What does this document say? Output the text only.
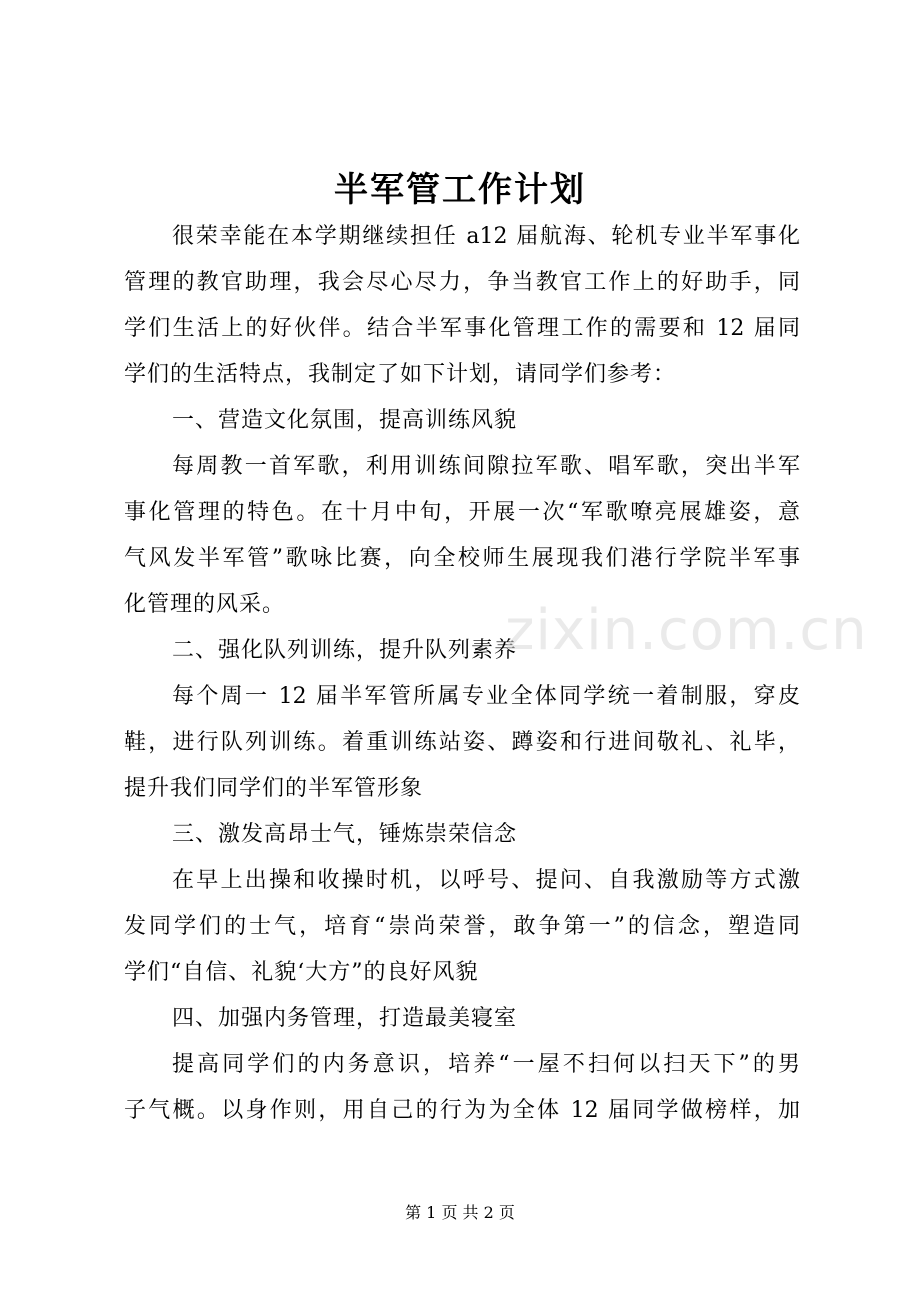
半军管工作计划
很荣幸能在本学期继续担任 a12 届航海、轮机专业半军事化
管理的教官助理，我会尽心尽力，争当教官工作上的好助手，同
学们生活上的好伙伴。结合半军事化管理工作的需要和 12 届同
学们的生活特点，我制定了如下计划，请同学们参考：
一、营造文化氛围，提高训练风貌
每周教一首军歌，利用训练间隙拉军歌、唱军歌，突出半军
事化管理的特色。在十月中旬，开展一次“军歌嘹亮展雄姿，意
气风发半军管”歌咏比赛，向全校师生展现我们港行学院半军事
化管理的风采。
二、强化队列训练，提升队列素养
每个周一 12 届半军管所属专业全体同学统一着制服，穿皮
鞋，进行队列训练。着重训练站姿、蹲姿和行进间敬礼、礼毕，
提升我们同学们的半军管形象
三、激发高昂士气，锤炼崇荣信念
在早上出操和收操时机，以呼号、提问、自我激励等方式激
发同学们的士气，培育“崇尚荣誉，敢争第一”的信念，塑造同
学们“自信、礼貌‘大方”的良好风貌
四、加强内务管理，打造最美寝室
提高同学们的内务意识，培养“一屋不扫何以扫天下”的男
子气概。以身作则，用自己的行为为全体 12 届同学做榜样，加
zixin.com.cn
第 1 页 共 2 页
